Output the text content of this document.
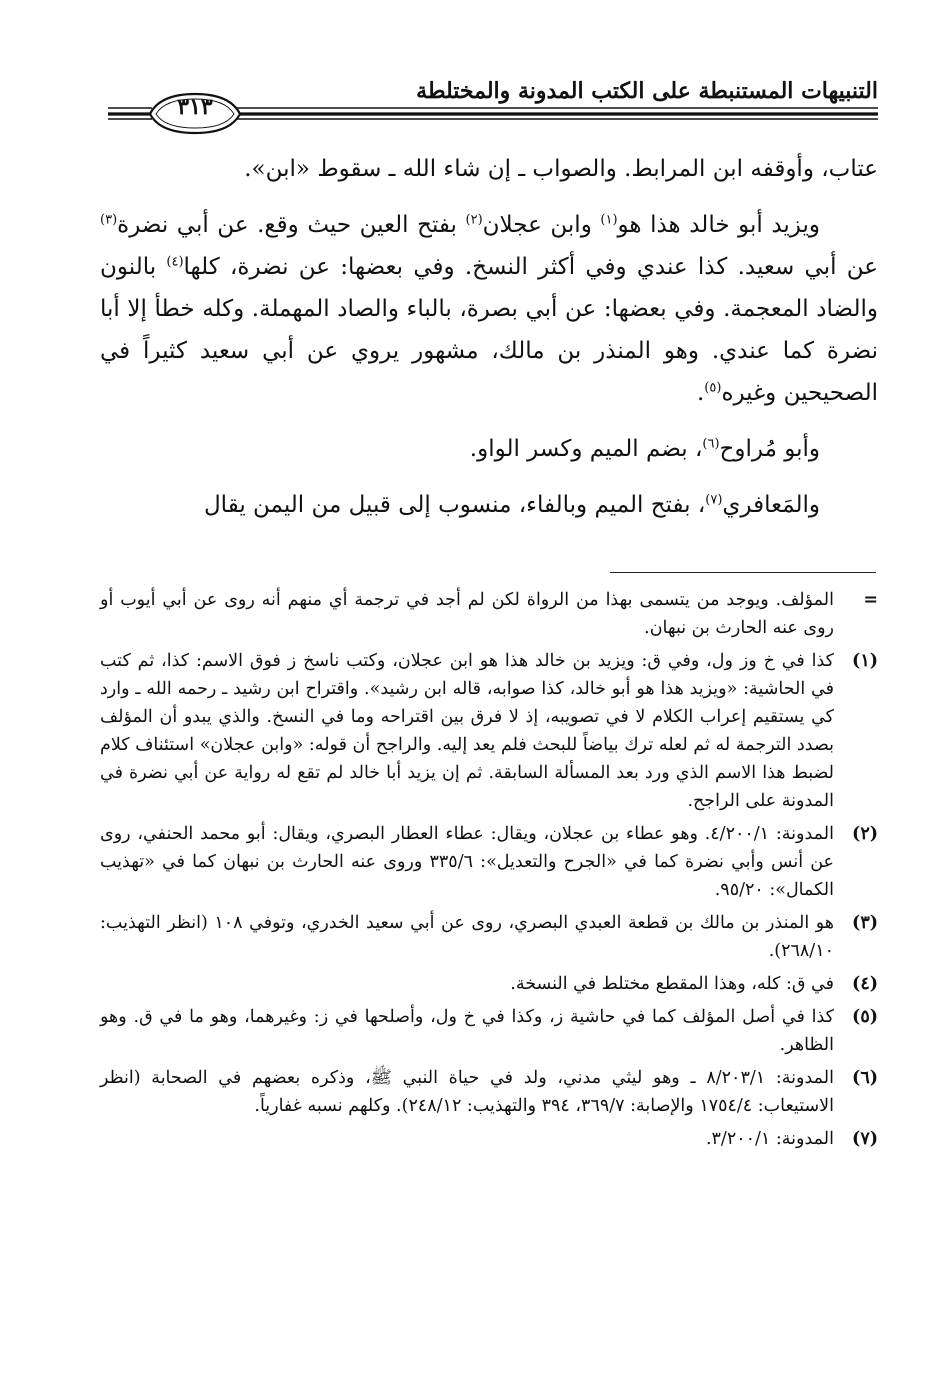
التنبيهات المستنبطة على الكتب المدونة والمختلطة
٣١٣

عتاب، وأوقفه ابن المرابط. والصواب ـ إن شاء الله ـ سقوط «ابن».

ويزيد أبو خالد هذا هو$^{(١)}$ وابن عجلان$^{(٢)}$ بفتح العين حيث وقع. عن أبي نضرة$^{(٣)}$ عن أبي سعيد. كذا عندي وفي أكثر النسخ. وفي بعضها: عن نضرة، كلها$^{(٤)}$ بالنون والضاد المعجمة. وفي بعضها: عن أبي بصرة، بالباء والصاد المهملة. وكله خطأ إلا أبا نضرة كما عندي. وهو المنذر بن مالك، مشهور يروي عن أبي سعيد كثيراً في الصحيحين وغيره$^{(٥)}$.

وأبو مُراوح$^{(٦)}$، بضم الميم وكسر الواو.

والمَعافري$^{(٧)}$، بفتح الميم وبالفاء، منسوب إلى قبيل من اليمن يقال

=
المؤلف. ويوجد من يتسمى بهذا من الرواة لكن لم أجد في ترجمة أي منهم أنه روى عن أبي أيوب أو روى عنه الحارث بن نبهان.
(١)
كذا في خ وز ول، وفي ق: ويزيد بن خالد هذا هو ابن عجلان، وكتب ناسخ ز فوق الاسم: كذا، ثم كتب في الحاشية: «ويزيد هذا هو أبو خالد، كذا صوابه، قاله ابن رشيد». واقتراح ابن رشيد ـ رحمه الله ـ وارد كي يستقيم إعراب الكلام لا في تصويبه، إذ لا فرق بين اقتراحه وما في النسخ. والذي يبدو أن المؤلف بصدد الترجمة له ثم لعله ترك بياضاً للبحث فلم يعد إليه. والراجح أن قوله: «وابن عجلان» استئناف كلام لضبط هذا الاسم الذي ورد بعد المسألة السابقة. ثم إن يزيد أبا خالد لم تقع له رواية عن أبي نضرة في المدونة على الراجح.
(٢)
المدونة: ٤/٢٠٠/١. وهو عطاء بن عجلان، ويقال: عطاء العطار البصري، ويقال: أبو محمد الحنفي، روى عن أنس وأبي نضرة كما في «الجرح والتعديل»: ٣٣٥/٦ وروى عنه الحارث بن نبهان كما في «تهذيب الكمال»: ٩٥/٢٠.
(٣)
هو المنذر بن مالك بن قطعة العبدي البصري، روى عن أبي سعيد الخدري، وتوفي ١٠٨ (انظر التهذيب: ٢٦٨/١٠).
(٤)
في ق: كله، وهذا المقطع مختلط في النسخة.
(٥)
كذا في أصل المؤلف كما في حاشية ز، وكذا في خ ول، وأصلحها في ز: وغيرهما، وهو ما في ق. وهو الظاهر.
(٦)
المدونة: ٨/٢٠٣/١ ـ وهو ليثي مدني، ولد في حياة النبي ﷺ، وذكره بعضهم في الصحابة (انظر الاستيعاب: ١٧٥٤/٤ والإصابة: ٣٦٩/٧، ٣٩٤ والتهذيب: ٢٤٨/١٢). وكلهم نسبه غفارياً.
(٧)
المدونة: ٣/٢٠٠/١.
